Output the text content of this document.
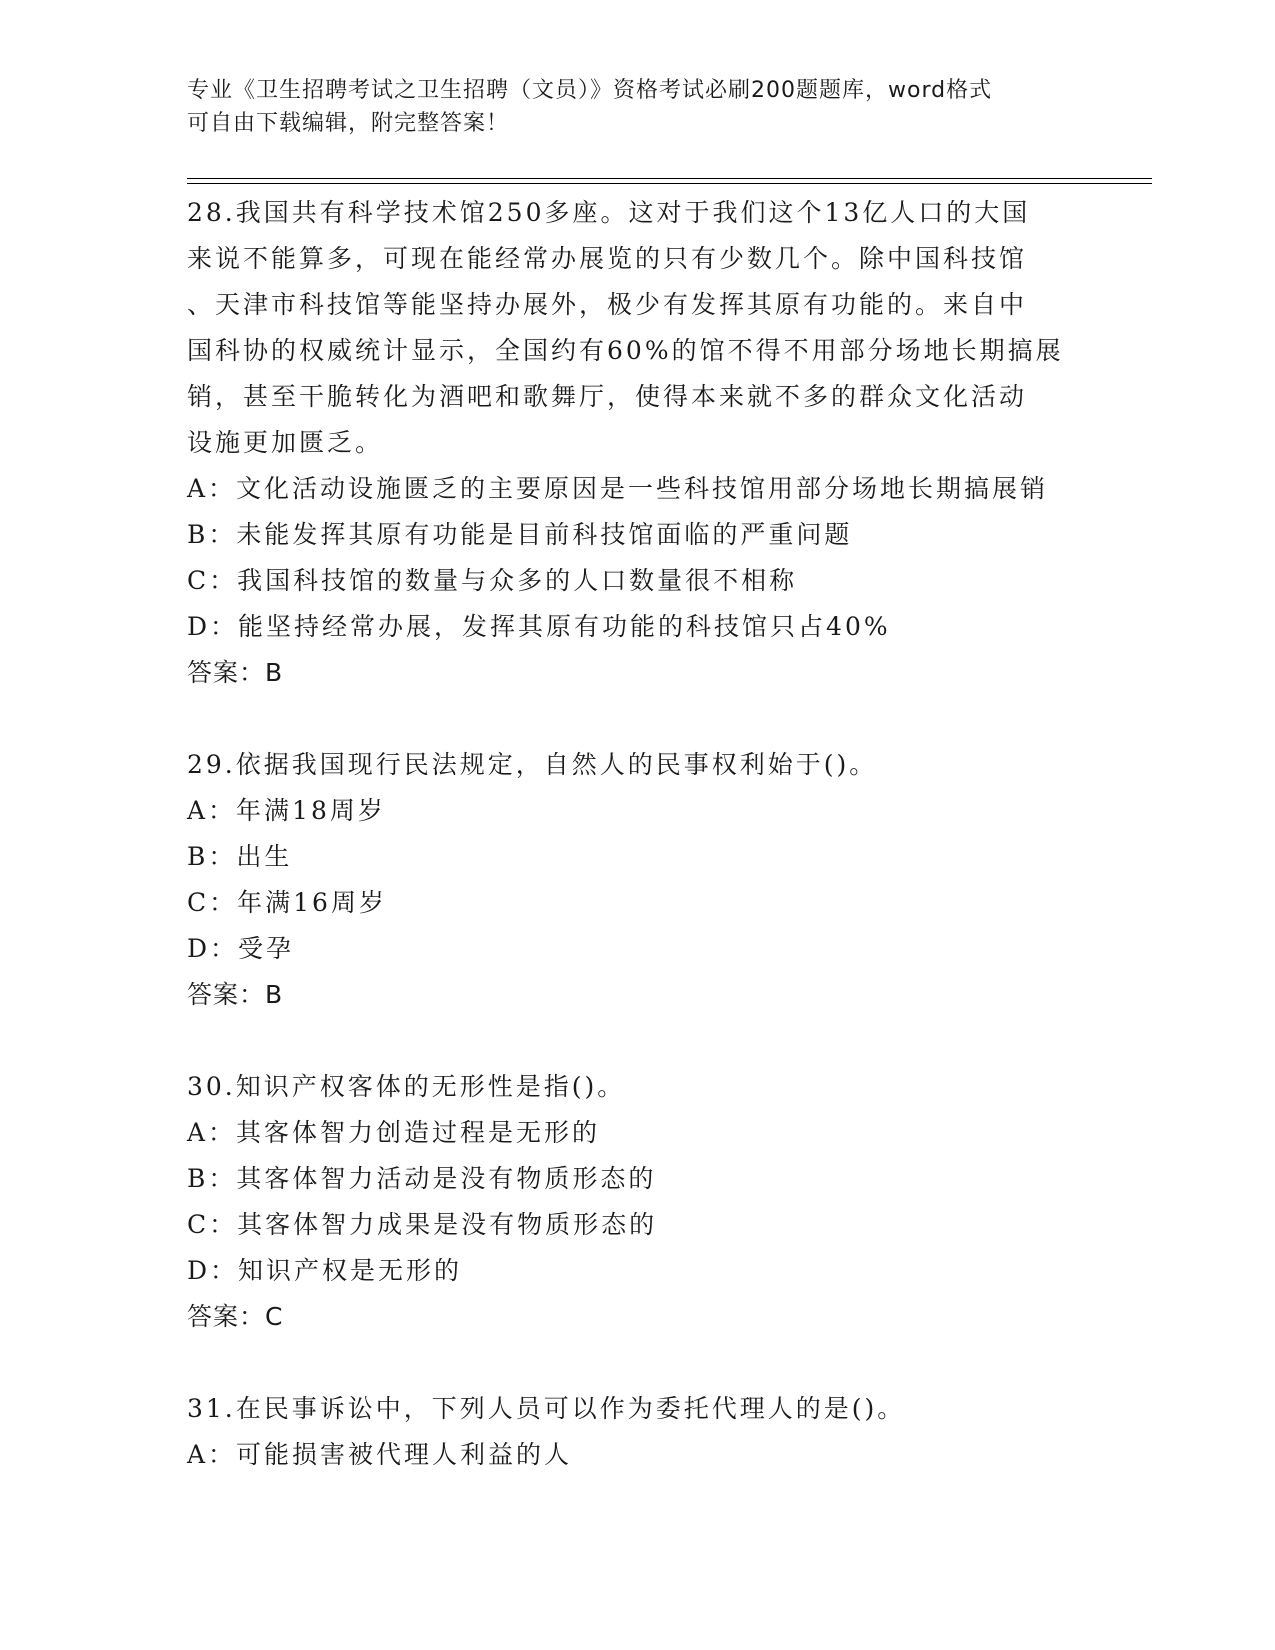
专业《卫生招聘考试之卫生招聘（文员）》资格考试必刷200题题库，word格式
可自由下载编辑，附完整答案！
28.我国共有科学技术馆250多座。这对于我们这个13亿人口的大国
来说不能算多，可现在能经常办展览的只有少数几个。除中国科技馆
、天津市科技馆等能坚持办展外，极少有发挥其原有功能的。来自中
国科协的权威统计显示，全国约有60%的馆不得不用部分场地长期搞展
销，甚至干脆转化为酒吧和歌舞厅，使得本来就不多的群众文化活动
设施更加匮乏。
A：文化活动设施匮乏的主要原因是一些科技馆用部分场地长期搞展销
B：未能发挥其原有功能是目前科技馆面临的严重问题
C：我国科技馆的数量与众多的人口数量很不相称
D：能坚持经常办展，发挥其原有功能的科技馆只占40%
答案：B
29.依据我国现行民法规定，自然人的民事权利始于()。
A：年满18周岁
B：出生
C：年满16周岁
D：受孕
答案：B
30.知识产权客体的无形性是指()。
A：其客体智力创造过程是无形的
B：其客体智力活动是没有物质形态的
C：其客体智力成果是没有物质形态的
D：知识产权是无形的
答案：C
31.在民事诉讼中，下列人员可以作为委托代理人的是()。
A：可能损害被代理人利益的人
